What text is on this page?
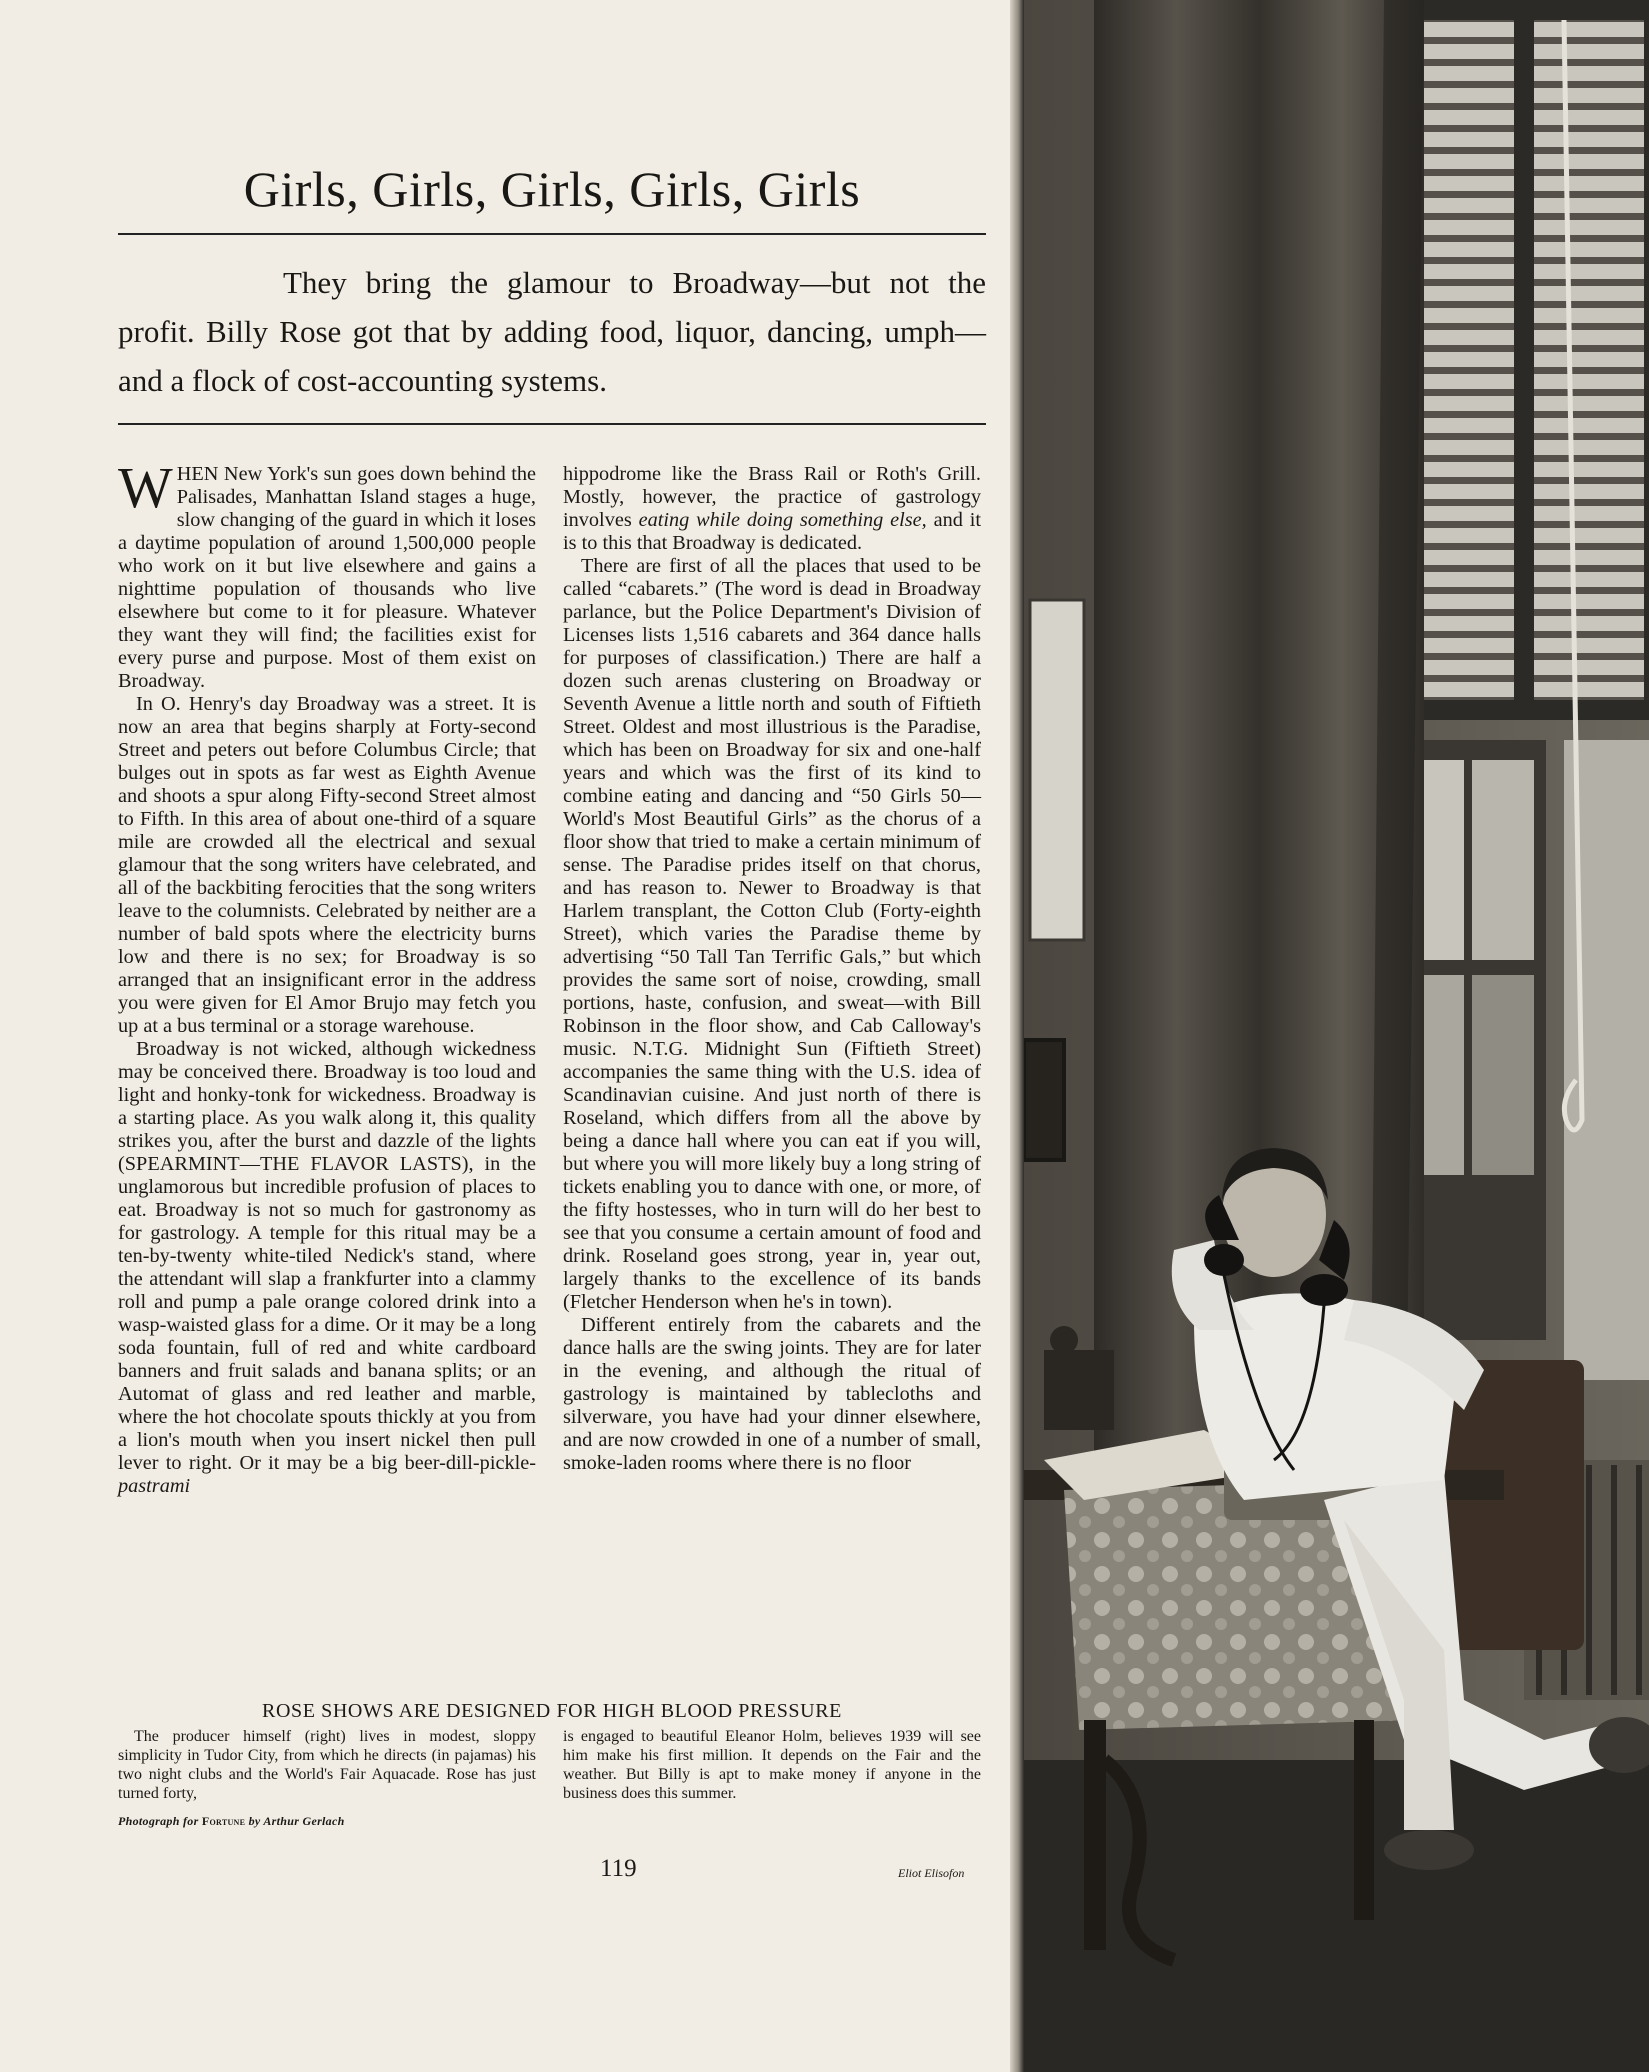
Girls, Girls, Girls, Girls, Girls

They bring the glamour to Broadway—but not the profit. Billy Rose got that by adding food, liquor, dancing, umph—and a flock of cost-accounting systems.

WHEN New York's sun goes down behind the Palisades, Manhattan Island stages a huge, slow changing of the guard in which it loses a daytime population of around 1,500,000 people who work on it but live elsewhere and gains a nighttime population of thousands who live elsewhere but come to it for pleasure. Whatever they want they will find; the facilities exist for every purse and purpose. Most of them exist on Broadway.

In O. Henry's day Broadway was a street. It is now an area that begins sharply at Forty-second Street and peters out before Columbus Circle; that bulges out in spots as far west as Eighth Avenue and shoots a spur along Fifty-second Street almost to Fifth. In this area of about one-third of a square mile are crowded all the electrical and sexual glamour that the song writers have celebrated, and all of the backbiting ferocities that the song writers leave to the columnists. Celebrated by neither are a number of bald spots where the electricity burns low and there is no sex; for Broadway is so arranged that an insignificant error in the address you were given for El Amor Brujo may fetch you up at a bus terminal or a storage warehouse.

Broadway is not wicked, although wickedness may be conceived there. Broadway is too loud and light and honky-tonk for wickedness. Broadway is a starting place. As you walk along it, this quality strikes you, after the burst and dazzle of the lights (SPEARMINT—THE FLAVOR LASTS), in the unglamorous but incredible profusion of places to eat. Broadway is not so much for gastronomy as for gastrology. A temple for this ritual may be a ten-by-twenty white-tiled Nedick's stand, where the attendant will slap a frankfurter into a clammy roll and pump a pale orange colored drink into a wasp-waisted glass for a dime. Or it may be a long soda fountain, full of red and white cardboard banners and fruit salads and banana splits; or an Automat of glass and red leather and marble, where the hot chocolate spouts thickly at you from a lion's mouth when you insert nickel then pull lever to right. Or it may be a big beer-dill-pickle-pastrami

hippodrome like the Brass Rail or Roth's Grill. Mostly, however, the practice of gastrology involves eating while doing something else, and it is to this that Broadway is dedicated.

There are first of all the places that used to be called “cabarets.” (The word is dead in Broadway parlance, but the Police Department's Division of Licenses lists 1,516 cabarets and 364 dance halls for purposes of classification.) There are half a dozen such arenas clustering on Broadway or Seventh Avenue a little north and south of Fiftieth Street. Oldest and most illustrious is the Paradise, which has been on Broadway for six and one-half years and which was the first of its kind to combine eating and dancing and “50 Girls 50—World's Most Beautiful Girls” as the chorus of a floor show that tried to make a certain minimum of sense. The Paradise prides itself on that chorus, and has reason to. Newer to Broadway is that Harlem transplant, the Cotton Club (Forty-eighth Street), which varies the Paradise theme by advertising “50 Tall Tan Terrific Gals,” but which provides the same sort of noise, crowding, small portions, haste, confusion, and sweat—with Bill Robinson in the floor show, and Cab Calloway's music. N.T.G. Midnight Sun (Fiftieth Street) accompanies the same thing with the U.S. idea of Scandinavian cuisine. And just north of there is Roseland, which differs from all the above by being a dance hall where you can eat if you will, but where you will more likely buy a long string of tickets enabling you to dance with one, or more, of the fifty hostesses, who in turn will do her best to see that you consume a certain amount of food and drink. Roseland goes strong, year in, year out, largely thanks to the excellence of its bands (Fletcher Henderson when he's in town).

Different entirely from the cabarets and the dance halls are the swing joints. They are for later in the evening, and although the ritual of gastrology is maintained by tablecloths and silverware, you have had your dinner elsewhere, and are now crowded in one of a number of small, smoke-laden rooms where there is no floor

ROSE SHOWS ARE DESIGNED FOR HIGH BLOOD PRESSURE

The producer himself (right) lives in modest, sloppy simplicity in Tudor City, from which he directs (in pajamas) his two night clubs and the World's Fair Aquacade. Rose has just turned forty,

is engaged to beautiful Eleanor Holm, believes 1939 will see him make his first million. It depends on the Fair and the weather. But Billy is apt to make money if anyone in the business does this summer.

Photograph for Fortune by Arthur Gerlach

119	Eliot Elisofon
